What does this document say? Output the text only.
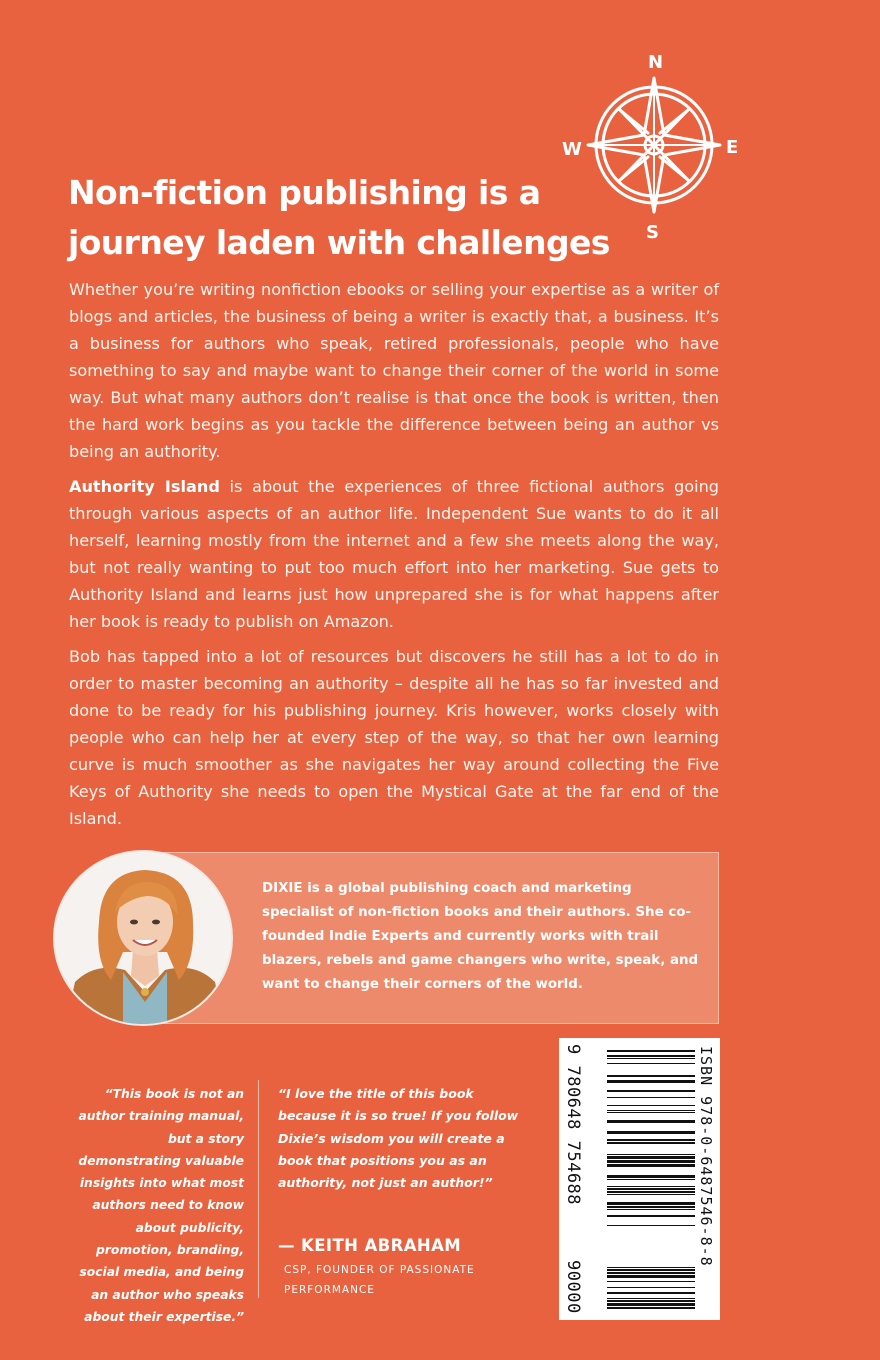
N
S
E
W
Non-fiction publishing is a journey laden with challenges

Whether you’re writing nonfiction ebooks or selling your expertise as a writer of blogs and articles, the business of being a writer is exactly that, a business. It’s a business for authors who speak, retired professionals, people who have something to say and maybe want to change their corner of the world in some way. But what many authors don’t realise is that once the book is written, then the hard work begins as you tackle the difference between being an author vs being an authority.

Authority Island is about the experiences of three fictional authors going through various aspects of an author life. Independent Sue wants to do it all herself, learning mostly from the internet and a few she meets along the way, but not really wanting to put too much effort into her marketing. Sue gets to Authority Island and learns just how unprepared she is for what happens after her book is ready to publish on Amazon.

Bob has tapped into a lot of resources but discovers he still has a lot to do in order to master becoming an authority – despite all he has so far invested and done to be ready for his publishing journey. Kris however, works closely with people who can help her at every step of the way, so that her own learning curve is much smoother as she navigates her way around collecting the Five Keys of Authority she needs to open the Mystical Gate at the far end of the Island.

DIXIE is a global publishing coach and marketing specialist of non-fiction books and their authors. She co-founded Indie Experts and currently works with trail blazers, rebels and game changers who write, speak, and want to change their corners of the world.
“This book is not an author training manual, but a story demonstrating valuable insights into what most authors need to know about publicity, promotion, branding, social media, and being an author who speaks about their expertise.”
“I love the title of this book because it is so true! If you follow Dixie’s wisdom you will create a book that positions you as an authority, not just an author!”
— KEITH ABRAHAM
CSP, FOUNDER OF PASSIONATE PERFORMANCE
ISBN 978-0-6487546-8-8
9 780648 754688
90000
